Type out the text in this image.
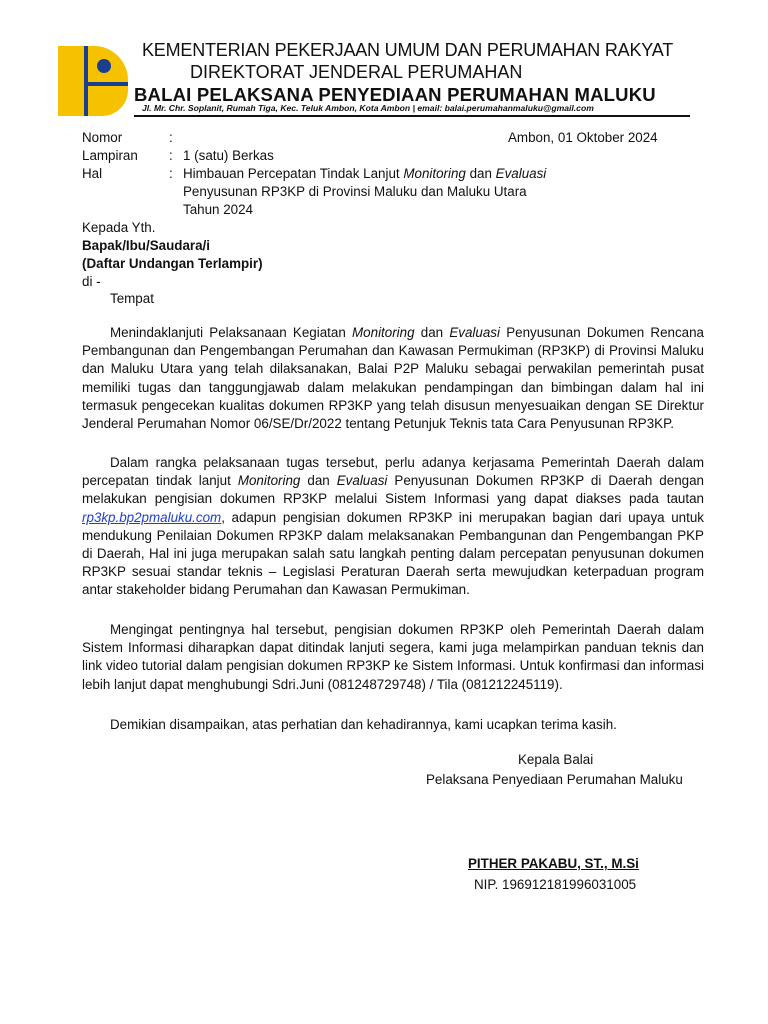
KEMENTERIAN PEKERJAAN UMUM DAN PERUMAHAN RAKYAT
DIREKTORAT JENDERAL PERUMAHAN
BALAI PELAKSANA PENYEDIAAN PERUMAHAN MALUKU
Jl. Mr. Chr. Soplanit, Rumah Tiga, Kec. Teluk Ambon, Kota Ambon | email: balai.perumahanmaluku@gmail.com
Nomor	:	Ambon, 01 Oktober 2024
Lampiran : 1 (satu) Berkas
Hal	: Himbauan Percepatan Tindak Lanjut Monitoring dan Evaluasi
Penyusunan RP3KP di Provinsi Maluku dan Maluku Utara
Tahun 2024
Kepada Yth.
Bapak/Ibu/Saudara/i
(Daftar Undangan Terlampir)
di -
Tempat

Menindaklanjuti Pelaksanaan Kegiatan Monitoring dan Evaluasi Penyusunan Dokumen Rencana Pembangunan dan Pengembangan Perumahan dan Kawasan Permukiman (RP3KP) di Provinsi Maluku dan Maluku Utara yang telah dilaksanakan, Balai P2P Maluku sebagai perwakilan pemerintah pusat memiliki tugas dan tanggungjawab dalam melakukan pendampingan dan bimbingan dalam hal ini termasuk pengecekan kualitas dokumen RP3KP yang telah disusun menyesuaikan dengan SE Direktur Jenderal Perumahan Nomor 06/SE/Dr/2022 tentang Petunjuk Teknis tata Cara Penyusunan RP3KP.

Dalam rangka pelaksanaan tugas tersebut, perlu adanya kerjasama Pemerintah Daerah dalam percepatan tindak lanjut Monitoring dan Evaluasi Penyusunan Dokumen RP3KP di Daerah dengan melakukan pengisian dokumen RP3KP melalui Sistem Informasi yang dapat diakses pada tautan rp3kp.bp2pmaluku.com, adapun pengisian dokumen RP3KP ini merupakan bagian dari upaya untuk mendukung Penilaian Dokumen RP3KP dalam melaksanakan Pembangunan dan Pengembangan PKP di Daerah, Hal ini juga merupakan salah satu langkah penting dalam percepatan penyusunan dokumen RP3KP sesuai standar teknis – Legislasi Peraturan Daerah serta mewujudkan keterpaduan program antar stakeholder bidang Perumahan dan Kawasan Permukiman.

Mengingat pentingnya hal tersebut, pengisian dokumen RP3KP oleh Pemerintah Daerah dalam Sistem Informasi diharapkan dapat ditindak lanjuti segera, kami juga melampirkan panduan teknis dan link video tutorial dalam pengisian dokumen RP3KP ke Sistem Informasi. Untuk konfirmasi dan informasi lebih lanjut dapat menghubungi Sdri.Juni (081248729748) / Tila (081212245119).

Demikian disampaikan, atas perhatian dan kehadirannya, kami ucapkan terima kasih.

Kepala Balai
Pelaksana Penyediaan Perumahan Maluku
PITHER PAKABU, ST., M.Si
NIP. 196912181996031005
